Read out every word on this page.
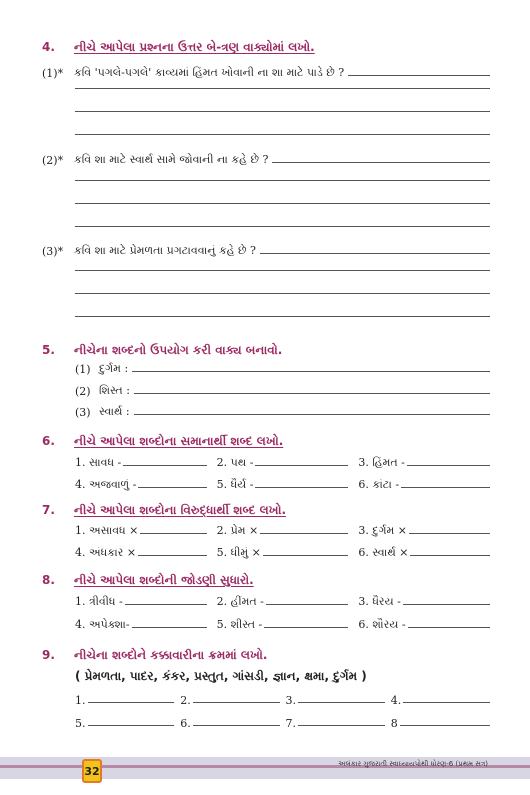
4.	નીચે આપેલા પ્રશ્નના ઉત્તર બે-ત્રણ વાક્યોમાં લખો.
(1)* કવિ 'પગલે-પગલે' કાવ્યમાં હિંમત ખોવાની ના શા માટે પાડે છે ?
(2)* કવિ શા માટે સ્વાર્થ સામે જોવાની ના કહે છે ?
(3)* કવિ શા માટે પ્રેમળતા પ્રગટાવવાનું કહે છે ?
5.	નીચેના શબ્દનો ઉપયોગ કરી વાક્ય બનાવો.
(1) દુર્ગમ :
(2) શિસ્ત :
(3) સ્વાર્થ :
6.	નીચે આપેલા શબ્દોના સમાનાર્થી શબ્દ લખો.
1. સાવધ -	2. પથ -	3. હિંમત -
4. અજવાળું -	5. ધૈર્ય -	6. કાંટા -
7.	નીચે આપેલા શબ્દોના વિરુદ્ધાર્થી શબ્દ લખો.
1. અસાવધ ×	2. પ્રેમ ×	3. દુર્ગમ ×
4. અંધકાર ×	5. ધીમું ×	6. સ્વાર્થ ×
8.	નીચે આપેલા શબ્દોની જોડણી સુધારો.
1. ત્રીવીધ -	2. હીંમત -	3. ધૈરય -
4. અપેક્શા-	5. શીસ્ત -	6. શૌરય -
9.	નીચેના શબ્દોને કક્કાવારીના ક્રમમાં લખો.
( પ્રેમળતા, પાદર, કંકર, પ્રસ્તુત, ગાંસડી, જ્ઞાન, ક્ષમા, દુર્ગમ )
1.	2.	3.	4.
5.	6.	7.	8
32
અલંકાર ગુજરાતી સ્વાધ્યાયપોથી ધોરણ-6 (પ્રથમ સત્ર)
